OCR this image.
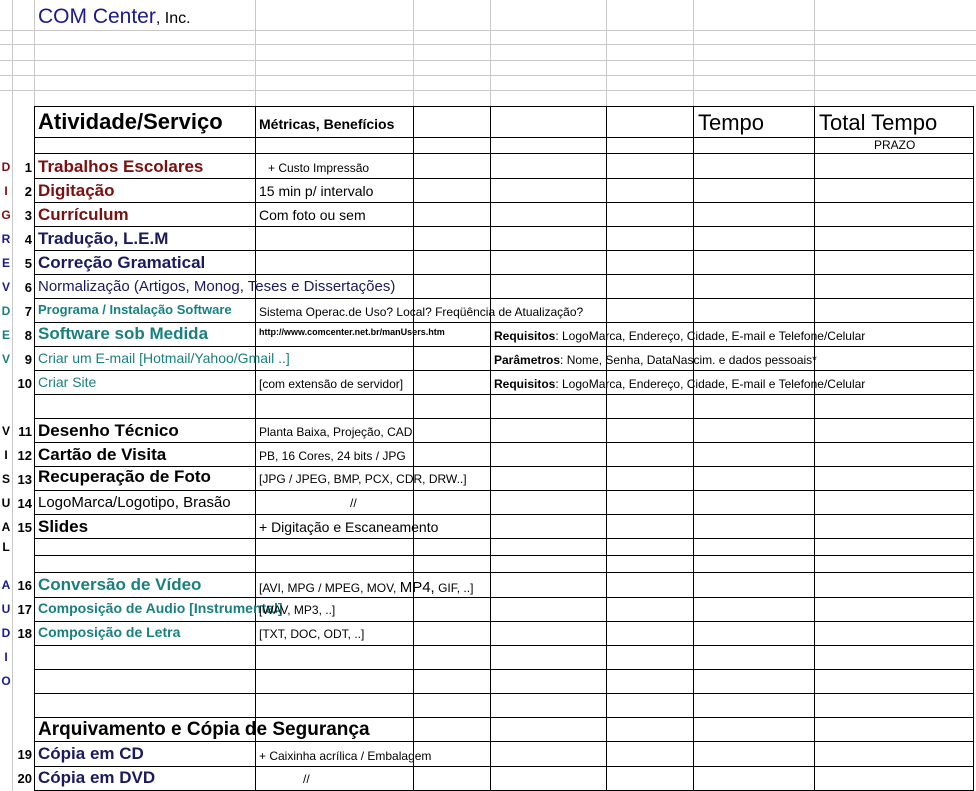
COM Center, Inc.
Atividade/Serviço	Métricas, Benefícios	Tempo Total Tempo
PRAZO
D
I
G
R
E
V
D
E
V
V
I
S
U
A
L
A
U
D
I
O
1
2
3
4
5
6
7
8
9
10
11
12
13
14
15
16
17
18
19
20
Trabalhos Escolares
Digitação
Currículum
Tradução, L.E.M
Correção Gramatical
Normalização (Artigos, Monog, Teses e Dissertações)
Programa / Instalação Software
Software sob Medida
Criar um E-mail [Hotmail/Yahoo/Gmail ..]
Criar Site
Desenho Técnico
Cartão de Visita
Recuperação de Foto
LogoMarca/Logotipo, Brasão
Slides
Conversão de Vídeo
Composição de Audio [Instrumental]
Composição de Letra
Arquivamento e Cópia de Segurança
Cópia em CD
Cópia em DVD
+ Custo Impressão
15 min p/ intervalo
Com foto ou sem
Sistema Operac.de Uso? Local? Freqüência de Atualização?
http://www.comcenter.net.br/manUsers.htm
[com extensão de servidor]
Planta Baixa, Projeção, CAD
PB, 16 Cores, 24 bits / JPG
[JPG / JPEG, BMP, PCX, CDR, DRW..]
//
+ Digitação e Escaneamento
[AVI, MPG / MPEG, MOV, MP4, GIF, ..]
[WAV, MP3, ..]
[TXT, DOC, ODT, ..]
+ Caixinha acrílica / Embalagem
//
Requisitos: LogoMarca, Endereço, Cidade, E-mail e Telefone/Celular
Parâmetros: Nome, Senha, DataNascim. e dados pessoais*
Requisitos: LogoMarca, Endereço, Cidade, E-mail e Telefone/Celular
